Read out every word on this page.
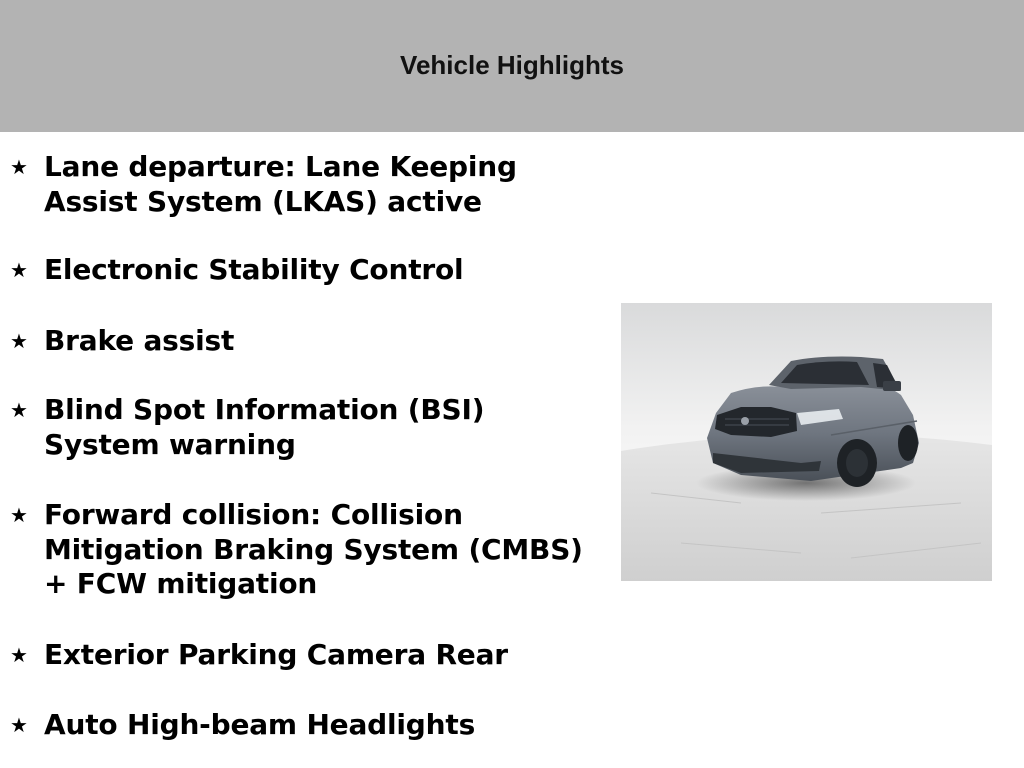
Vehicle Highlights
★ Lane departure: Lane Keeping Assist System (LKAS) active
★ Electronic Stability Control
★ Brake assist
★ Blind Spot Information (BSI) System warning
★ Forward collision: Collision Mitigation Braking System (CMBS) + FCW mitigation
★ Exterior Parking Camera Rear
★ Auto High-beam Headlights
